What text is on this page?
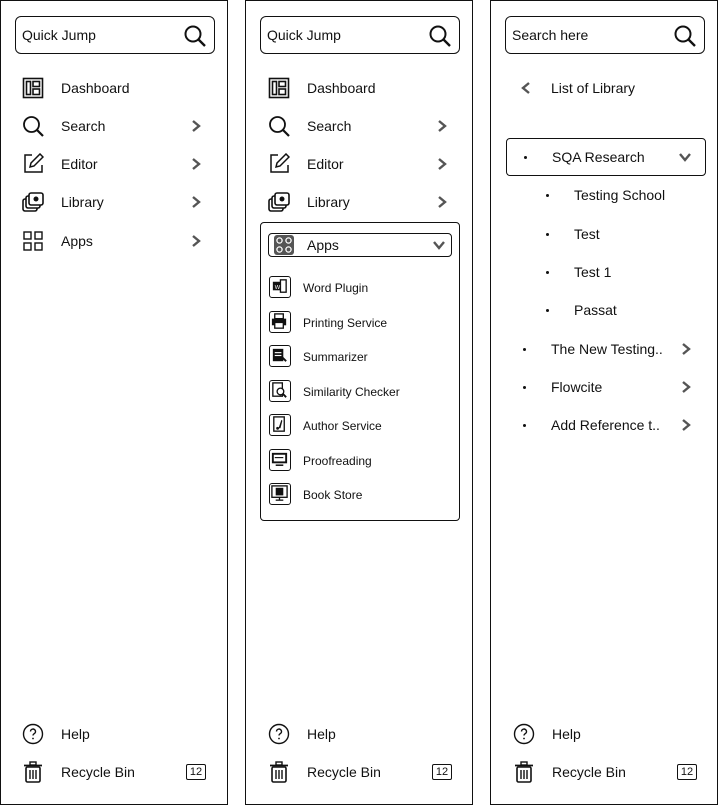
Quick Jump
Dashboard
Search
Editor
Library
Apps
Help
Recycle Bin	12
Quick Jump
Dashboard
Search
Editor
Library
Apps
W Word Plugin
Printing Service
Summarizer
Similarity Checker
Author Service
Proofreading
Book Store
Help
Recycle Bin	12
Search here
List of Library
SQA Research
Testing School
Test
Test 1
Passat
The New Testing..
Flowcite
Add Reference t..
Help
Recycle Bin	12
